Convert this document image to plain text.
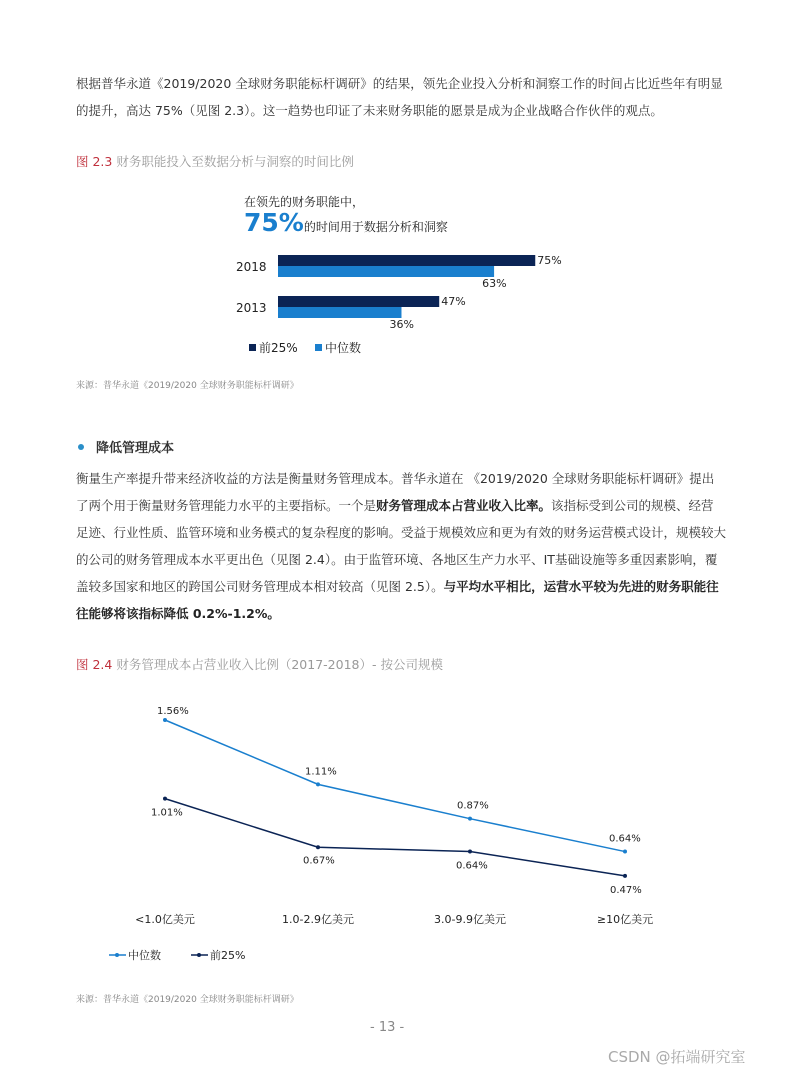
根据普华永道《2019/2020 全球财务职能标杆调研》的结果，领先企业投入分析和洞察工作的时间占比近些年有明显的提升，高达 75%（见图 2.3）。这一趋势也印证了未来财务职能的愿景是成为企业战略合作伙伴的观点。
图 2.3 财务职能投入至数据分析与洞察的时间比例
在领先的财务职能中，
75%的时间用于数据分析和洞察
2018	75%
63%
2013	47%
36%
前25% 中位数
1.56%
1.11%
0.87%
0.64%
1.01%
0.67%	0.64%
0.47%
<1.0亿美元	1.0-2.9亿美元	3.0-9.9亿美元	≥10亿美元
中位数	前25%
来源：普华永道《2019/2020 全球财务职能标杆调研》
降低管理成本
衡量生产率提升带来经济收益的方法是衡量财务管理成本。普华永道在 《2019/2020 全球财务职能标杆调研》提出了两个用于衡量财务管理能力水平的主要指标。一个是财务管理成本占营业收入比率。该指标受到公司的规模、经营足迹、行业性质、监管环境和业务模式的复杂程度的影响。受益于规模效应和更为有效的财务运营模式设计，规模较大的公司的财务管理成本水平更出色（见图 2.4）。由于监管环境、各地区生产力水平、IT基础设施等多重因素影响，覆盖较多国家和地区的跨国公司财务管理成本相对较高（见图 2.5）。与平均水平相比，运营水平较为先进的财务职能往往能够将该指标降低 0.2%-1.2%。
图 2.4 财务管理成本占营业收入比例（2017-2018）- 按公司规模
来源：普华永道《2019/2020 全球财务职能标杆调研》
- 13 -
CSDN @拓端研究室
